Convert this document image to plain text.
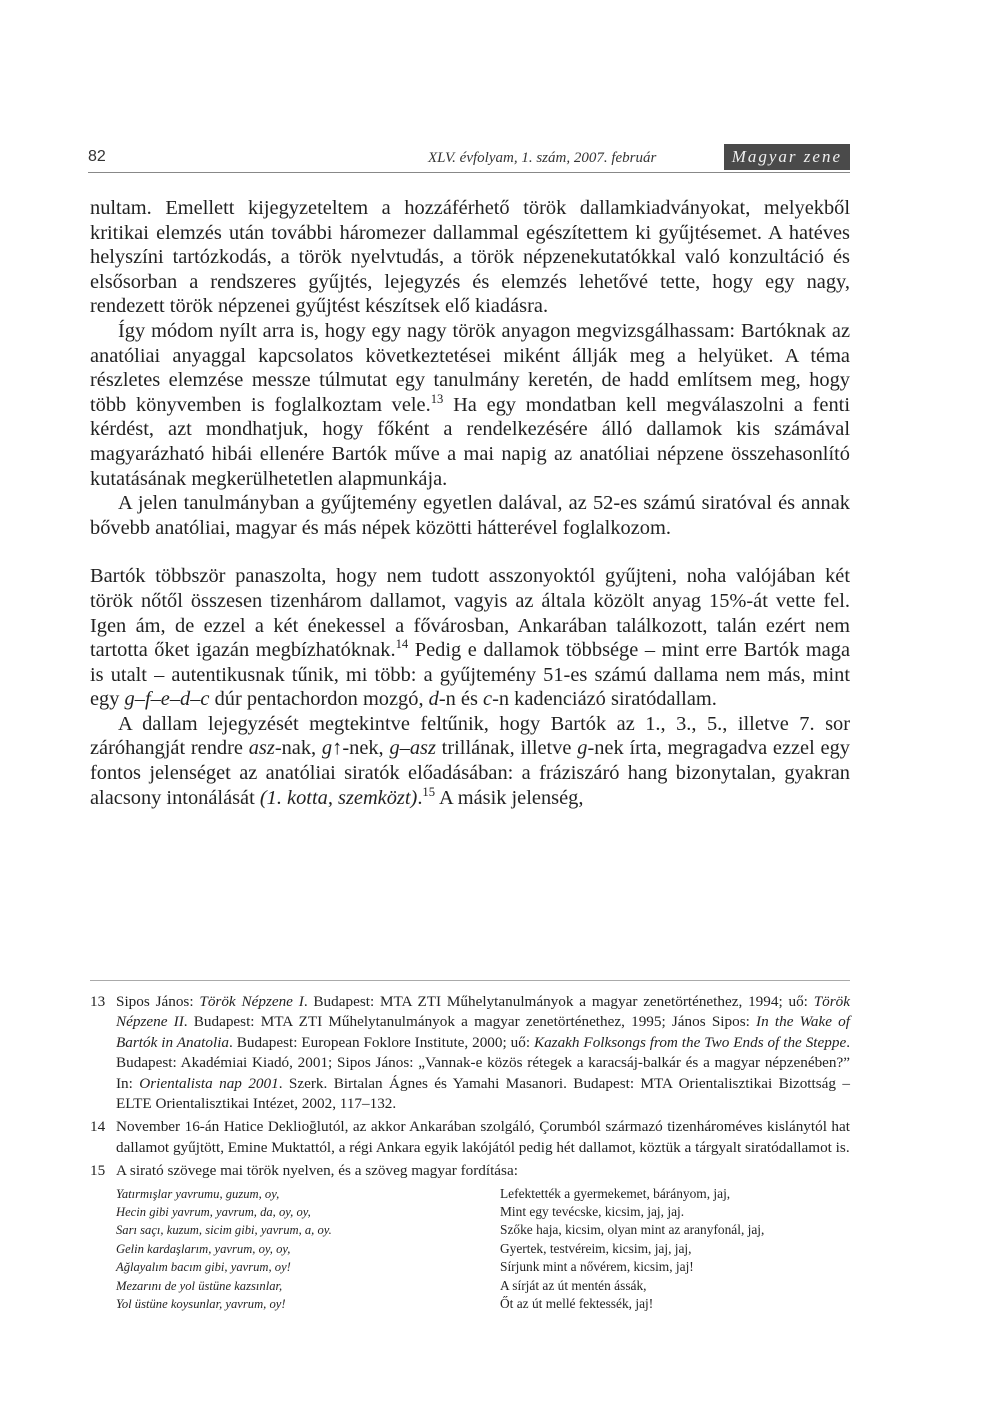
82	XLV. évfolyam, 1. szám, 2007. február	Magyar zene

nultam. Emellett kijegyzeteltem a hozzáférhető török dallamkiadványokat, melyekből kritikai elemzés után további háromezer dallammal egészítettem ki gyűjtésemet. A hatéves helyszíni tartózkodás, a török nyelvtudás, a török népzenekutatókkal való konzultáció és elsősorban a rendszeres gyűjtés, lejegyzés és elemzés lehetővé tette, hogy egy nagy, rendezett török népzenei gyűjtést készítsek elő kiadásra.

Így módom nyílt arra is, hogy egy nagy török anyagon megvizsgálhassam: Bartóknak az anatóliai anyaggal kapcsolatos következtetései miként állják meg a helyüket. A téma részletes elemzése messze túlmutat egy tanulmány keretén, de hadd említsem meg, hogy több könyvemben is foglalkoztam vele.$^{13}$ Ha egy mondatban kell megválaszolni a fenti kérdést, azt mondhatjuk, hogy főként a rendelkezésére álló dallamok kis számával magyarázható hibái ellenére Bartók műve a mai napig az anatóliai népzene összehasonlító kutatásának megkerülhetetlen alapmunkája.

A jelen tanulmányban a gyűjtemény egyetlen dalával, az 52-es számú siratóval és annak bővebb anatóliai, magyar és más népek közötti hátterével foglalkozom.

Bartók többször panaszolta, hogy nem tudott asszonyoktól gyűjteni, noha valójában két török nőtől összesen tizenhárom dallamot, vagyis az általa közölt anyag 15%-át vette fel. Igen ám, de ezzel a két énekessel a fővárosban, Ankarában találkozott, talán ezért nem tartotta őket igazán megbízhatóknak.$^{14}$ Pedig e dallamok többsége – mint erre Bartók maga is utalt – autentikusnak tűnik, mi több: a gyűjtemény 51-es számú dallama nem más, mint egy g–f–e–d–c dúr pentachordon mozgó, d-n és c-n kadenciázó siratódallam.

A dallam lejegyzését megtekintve feltűnik, hogy Bartók az 1., 3., 5., illetve 7. sor záróhangját rendre asz-nak, g↑-nek, g–asz trillának, illetve g-nek írta, megragadva ezzel egy fontos jelenséget az anatóliai siratók előadásában: a fráziszáró hang bizonytalan, gyakran alacsony intonálását (1. kotta, szemközt).$^{15}$ A másik jelenség,

13 Sipos János: Török Népzene I. Budapest: MTA ZTI Műhelytanulmányok a magyar zenetörténethez, 1994; uő: Török Népzene II. Budapest: MTA ZTI Műhelytanulmányok a magyar zenetörténethez, 1995; János Sipos: In the Wake of Bartók in Anatolia. Budapest: European Foklore Institute, 2000; uő: Kazakh Folksongs from the Two Ends of the Steppe. Budapest: Akadémiai Kiadó, 2001; Sipos János: „Vannak-e közös rétegek a karacsáj-balkár és a magyar népzenében?” In: Orientalista nap 2001. Szerk. Birtalan Ágnes és Yamahi Masanori. Budapest: MTA Orientalisztikai Bizottság – ELTE Orientalisztikai Intézet, 2002, 117–132.
14 November 16-án Hatice Deklioğlutól, az akkor Ankarában szolgáló, Çorumból származó tizenhároméves kislánytól hat dallamot gyűjtött, Emine Muktattól, a régi Ankara egyik lakójától pedig hét dallamot, köztük a tárgyalt siratódallamot is.
15 A sirató szövege mai török nyelven, és a szöveg magyar fordítása:
Yatırmışlar yavrumu, guzum, oy,
Hecin gibi yavrum, yavrum, da, oy, oy,
Sarı saçı, kuzum, sicim gibi, yavrum, a, oy.
Gelin kardaşlarım, yavrum, oy, oy,
Ağlayalım bacım gibi, yavrum, oy!
Mezarını de yol üstüne kazsınlar,
Yol üstüne koysunlar, yavrum, oy!
Lefektették a gyermekemet, bárányom, jaj,
Mint egy tevécske, kicsim, jaj, jaj.
Szőke haja, kicsim, olyan mint az aranyfonál, jaj,
Gyertek, testvéreim, kicsim, jaj, jaj,
Sírjunk mint a nővérem, kicsim, jaj!
A sírját az út mentén ássák,
Őt az út mellé fektessék, jaj!
